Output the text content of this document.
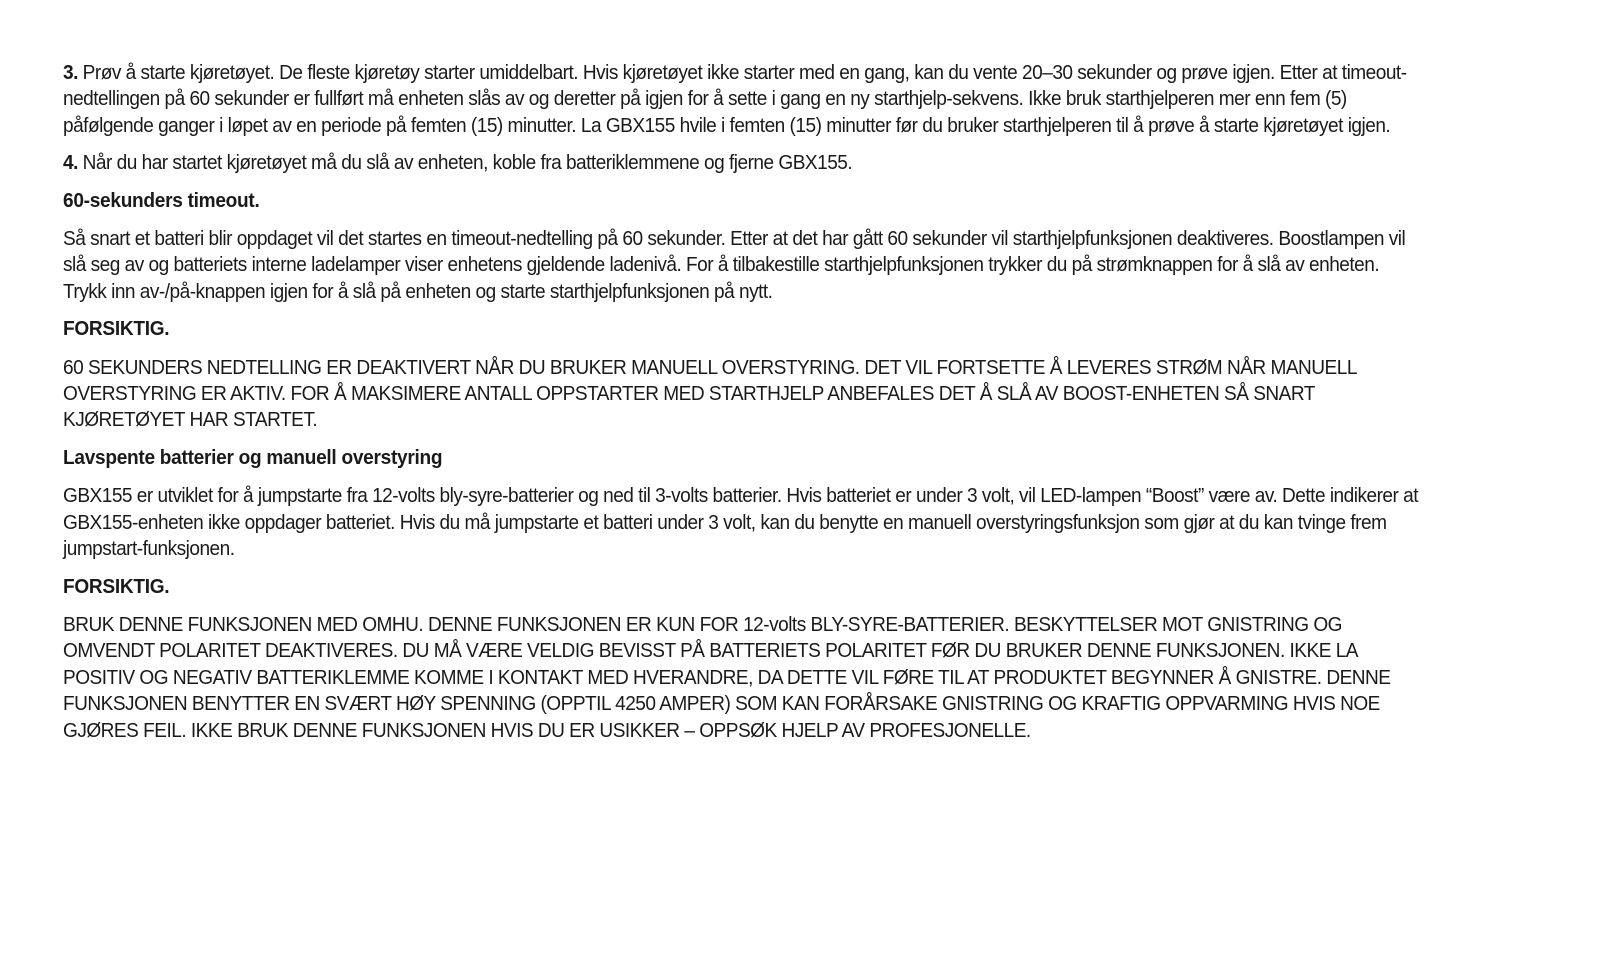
3. Prøv å starte kjøretøyet. De fleste kjøretøy starter umiddelbart. Hvis kjøretøyet ikke starter med en gang, kan du vente 20–30 sekunder og prøve igjen. Etter at timeout-nedtellingen på 60 sekunder er fullført må enheten slås av og deretter på igjen for å sette i gang en ny starthjelp-sekvens. Ikke bruk starthjelperen mer enn fem (5) påfølgende ganger i løpet av en periode på femten (15) minutter. La GBX155 hvile i femten (15) minutter før du bruker starthjelperen til å prøve å starte kjøretøyet igjen.

4. Når du har startet kjøretøyet må du slå av enheten, koble fra batteriklemmene og fjerne GBX155.

60-sekunders timeout.

Så snart et batteri blir oppdaget vil det startes en timeout-nedtelling på 60 sekunder. Etter at det har gått 60 sekunder vil starthjelpfunksjonen deaktiveres. Boostlampen vil slå seg av og batteriets interne ladelamper viser enhetens gjeldende ladenivå. For å tilbakestille starthjelpfunksjonen trykker du på strømknappen for å slå av enheten. Trykk inn av-/på-knappen igjen for å slå på enheten og starte starthjelpfunksjonen på nytt.

FORSIKTIG.

60 SEKUNDERS NEDTELLING ER DEAKTIVERT NÅR DU BRUKER MANUELL OVERSTYRING. DET VIL FORTSETTE Å LEVERES STRØM NÅR MANUELL OVERSTYRING ER AKTIV. FOR Å MAKSIMERE ANTALL OPPSTARTER MED STARTHJELP ANBEFALES DET Å SLÅ AV BOOST-ENHETEN SÅ SNART KJØRETØYET HAR STARTET.

Lavspente batterier og manuell overstyring

GBX155 er utviklet for å jumpstarte fra 12-volts bly-syre-batterier og ned til 3-volts batterier. Hvis batteriet er under 3 volt, vil LED-lampen “Boost” være av. Dette indikerer at GBX155-enheten ikke oppdager batteriet. Hvis du må jumpstarte et batteri under 3 volt, kan du benytte en manuell overstyringsfunksjon som gjør at du kan tvinge frem jumpstart-funksjonen.

FORSIKTIG.

BRUK DENNE FUNKSJONEN MED OMHU. DENNE FUNKSJONEN ER KUN FOR 12-volts BLY-SYRE-BATTERIER. BESKYTTELSER MOT GNISTRING OG OMVENDT POLARITET DEAKTIVERES. DU MÅ VÆRE VELDIG BEVISST PÅ BATTERIETS POLARITET FØR DU BRUKER DENNE FUNKSJONEN. IKKE LA POSITIV OG NEGATIV BATTERIKLEMME KOMME I KONTAKT MED HVERANDRE, DA DETTE VIL FØRE TIL AT PRODUKTET BEGYNNER Å GNISTRE. DENNE FUNKSJONEN BENYTTER EN SVÆRT HØY SPENNING (OPPTIL 4250 AMPER) SOM KAN FORÅRSAKE GNISTRING OG KRAFTIG OPPVARMING HVIS NOE GJØRES FEIL. IKKE BRUK DENNE FUNKSJONEN HVIS DU ER USIKKER – OPPSØK HJELP AV PROFESJONELLE.
